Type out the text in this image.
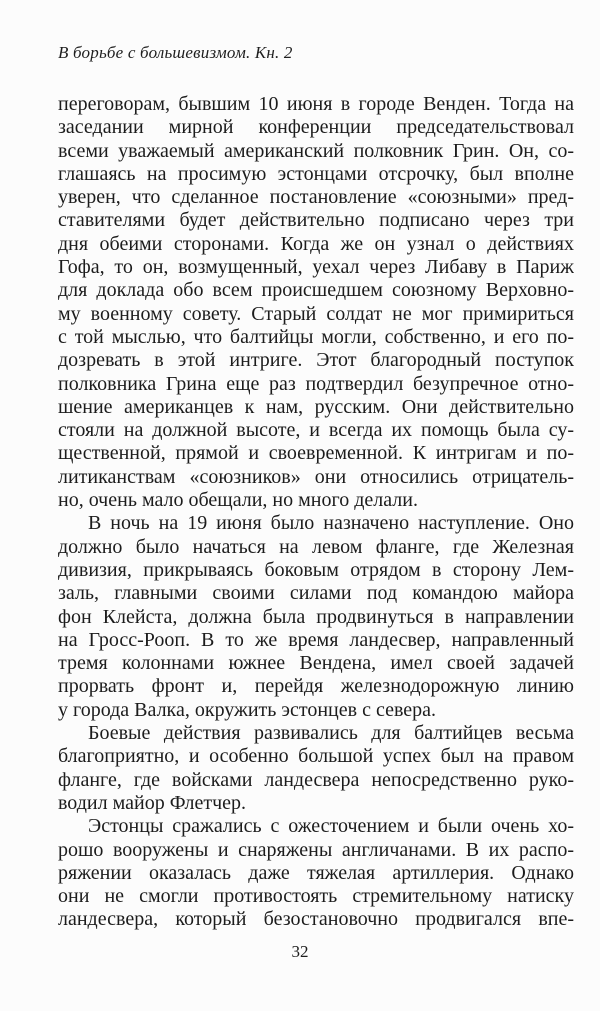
В борьбе с большевизмом. Кн. 2
переговорам, бывшим 10 июня в городе Венден. Тогда на
заседании мирной конференции председательствовал
всеми уважаемый американский полковник Грин. Он, со-
глашаясь на просимую эстонцами отсрочку, был вполне
уверен, что сделанное постановление «союзными» пред-
ставителями будет действительно подписано через три
дня обеими сторонами. Когда же он узнал о действиях
Гофа, то он, возмущенный, уехал через Либаву в Париж
для доклада обо всем происшедшем союзному Верховно-
му военному совету. Старый солдат не мог примириться
с той мыслью, что балтийцы могли, собственно, и его по-
дозревать в этой интриге. Этот благородный поступок
полковника Грина еще раз подтвердил безупречное отно-
шение американцев к нам, русским. Они действительно
стояли на должной высоте, и всегда их помощь была су-
щественной, прямой и своевременной. К интригам и по-
литиканствам «союзников» они относились отрицатель-
но, очень мало обещали, но много делали.
В ночь на 19 июня было назначено наступление. Оно
должно было начаться на левом фланге, где Железная
дивизия, прикрываясь боковым отрядом в сторону Лем-
заль, главными своими силами под командою майора
фон Клейста, должна была продвинуться в направлении
на Гросс-Рооп. В то же время ландесвер, направленный
тремя колоннами южнее Вендена, имел своей задачей
прорвать фронт и, перейдя железнодорожную линию
у города Валка, окружить эстонцев с севера.
Боевые действия развивались для балтийцев весьма
благоприятно, и особенно большой успех был на правом
фланге, где войсками ландесвера непосредственно руко-
водил майор Флетчер.
Эстонцы сражались с ожесточением и были очень хо-
рошо вооружены и снаряжены англичанами. В их распо-
ряжении оказалась даже тяжелая артиллерия. Однако
они не смогли противостоять стремительному натиску
ландесвера, который безостановочно продвигался впе-
32
